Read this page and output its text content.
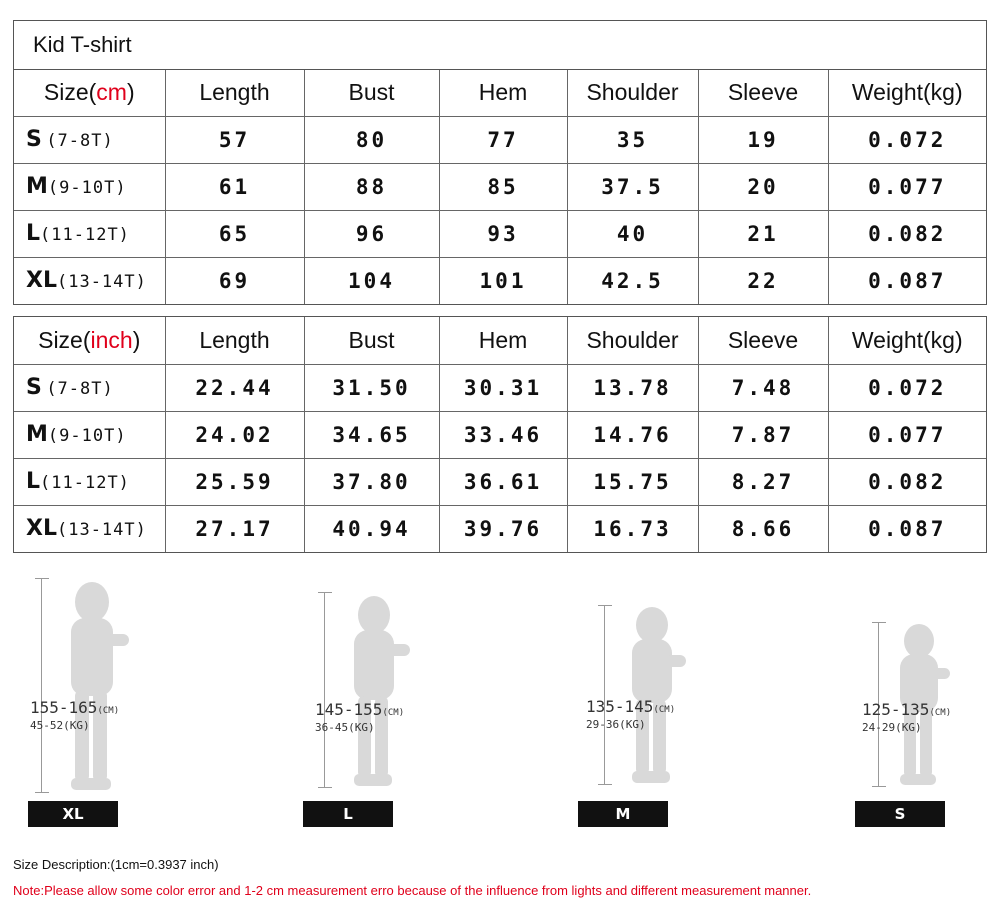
Kid T-shirt
Size(cm)	Length	Bust	Hem	Shoulder	Sleeve	Weight(kg)
S (7-8T)	57	80	77	35	19	0.072
M(9-10T)	61	88	85	37.5	20	0.077
L(11-12T)	65	96	93	40	21	0.082
XL(13-14T)	69	104	101	42.5	22	0.087
Size(inch)	Length	Bust	Hem	Shoulder	Sleeve	Weight(kg)
S (7-8T)	22.44	31.50	30.31	13.78	7.48	0.072
M(9-10T)	24.02	34.65	33.46	14.76	7.87	0.077
L(11-12T)	25.59	37.80	36.61	15.75	8.27	0.082
XL(13-14T)	27.17	40.94	39.76	16.73	8.66	0.087
155-165(CM)
45-52(KG)
XL
145-155(CM)
36-45(KG)
L
135-145(CM)
29-36(KG)
M
125-135(CM)
24-29(KG)
S
Size Description:(1cm=0.3937 inch)
Note:Please allow some color error and 1-2 cm measurement erro because of the influence from lights and different measurement manner.
